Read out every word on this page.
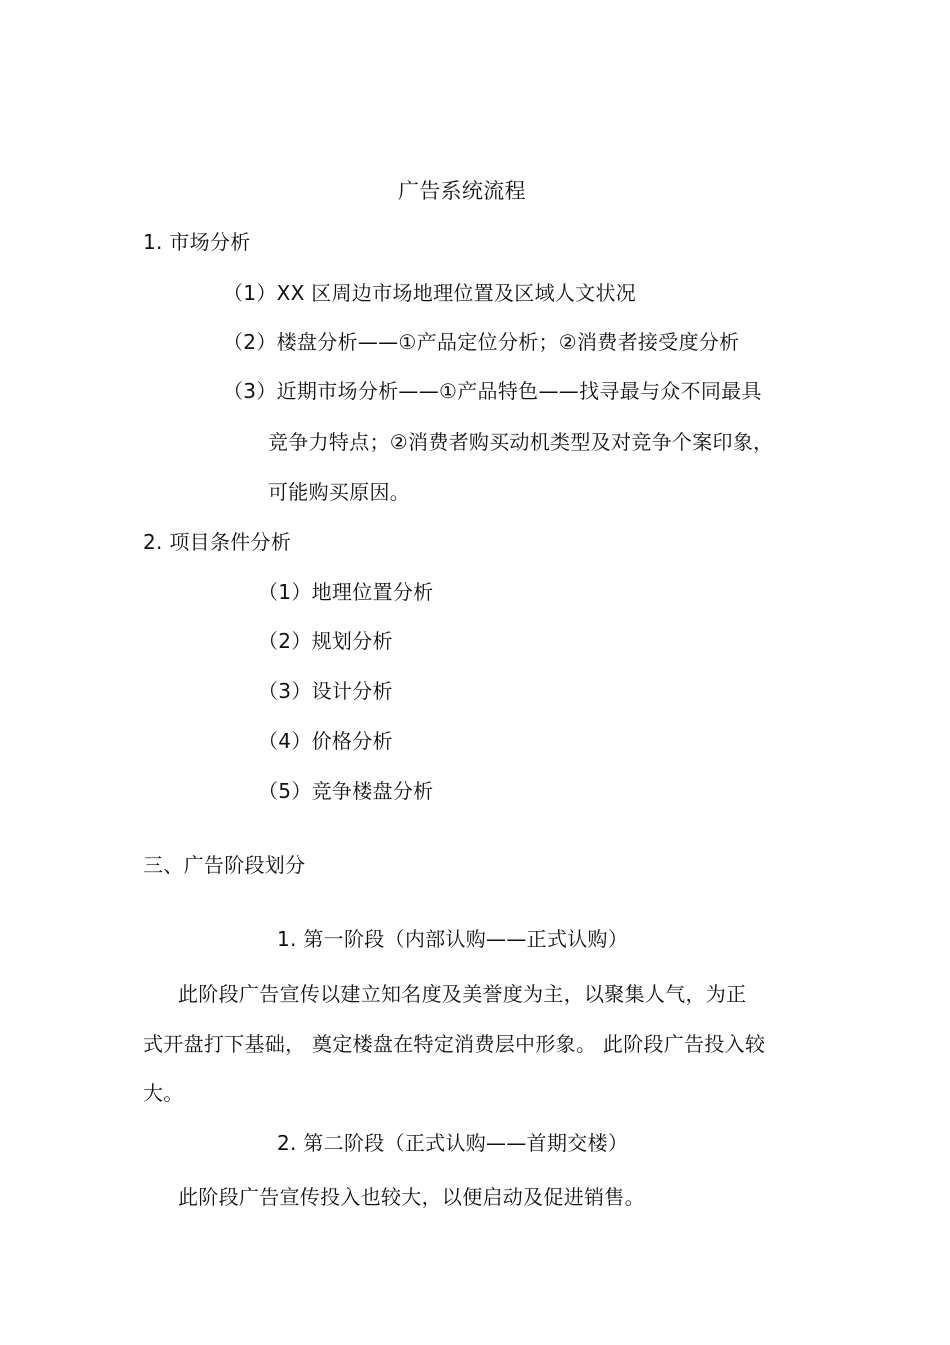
广告系统流程
1. 市场分析
（1）XX 区周边市场地理位置及区域人文状况
（2）楼盘分析——①产品定位分析；②消费者接受度分析
（3）近期市场分析——①产品特色——找寻最与众不同最具
竞争力特点；②消费者购买动机类型及对竞争个案印象，
可能购买原因。
2. 项目条件分析
（1）地理位置分析
（2）规划分析
（3）设计分析
（4）价格分析
（5）竞争楼盘分析
三、广告阶段划分
1. 第一阶段（内部认购——正式认购）
此阶段广告宣传以建立知名度及美誉度为主，以聚集人气，为正
式开盘打下基础， 奠定楼盘在特定消费层中形象。 此阶段广告投入较
大。
2. 第二阶段（正式认购——首期交楼）
此阶段广告宣传投入也较大，以便启动及促进销售。
